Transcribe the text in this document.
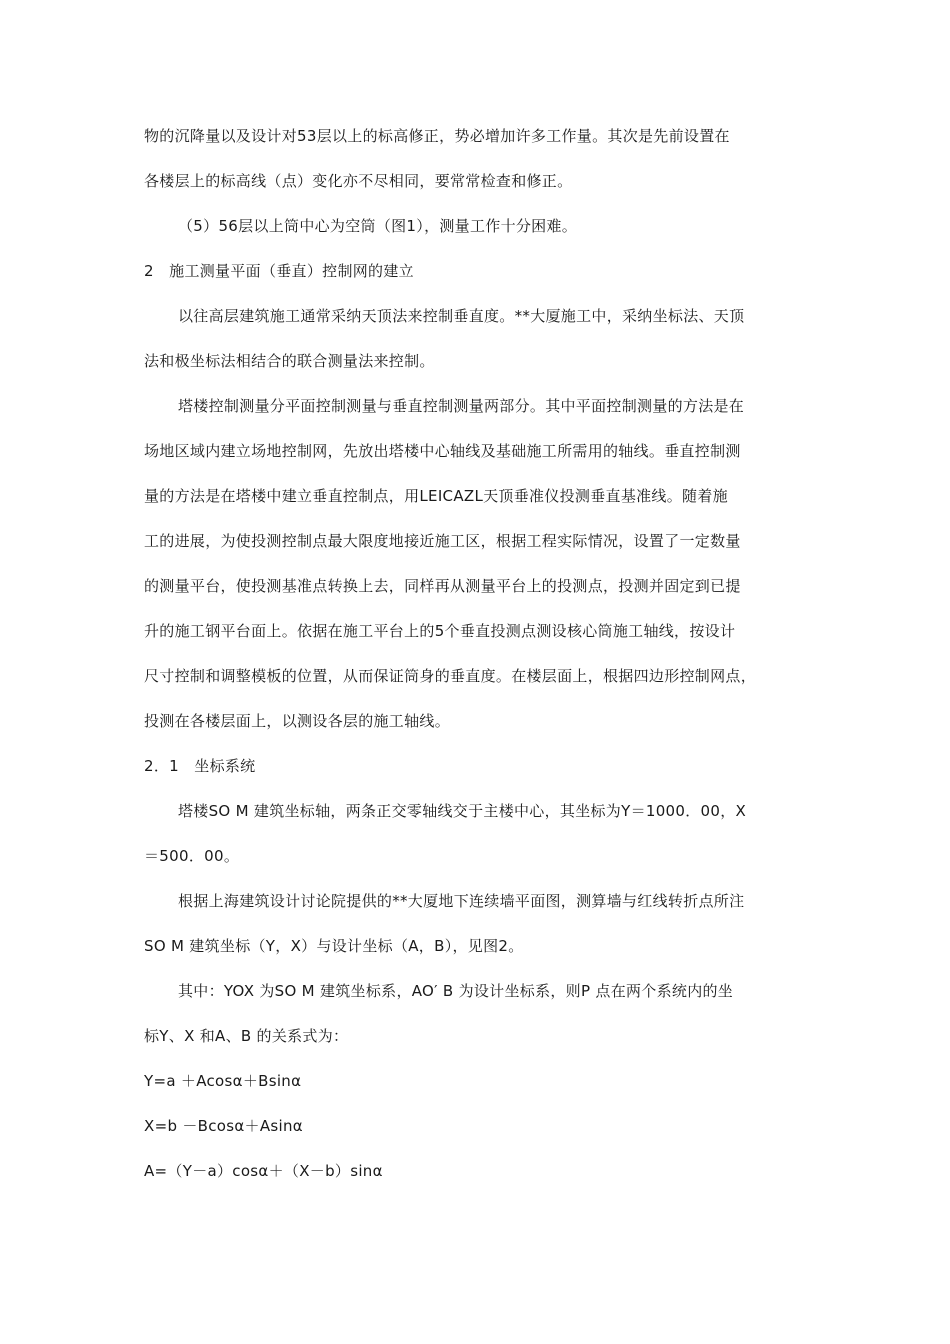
物的沉降量以及设计对53层以上的标高修正，势必增加许多工作量。其次是先前设置在
各楼层上的标高线（点）变化亦不尽相同，要常常检查和修正。
（5）56层以上筒中心为空筒（图1），测量工作十分困难。
2　施工测量平面（垂直）控制网的建立
以往高层建筑施工通常采纳天顶法来控制垂直度。**大厦施工中，采纳坐标法、天顶
法和极坐标法相结合的联合测量法来控制。
塔楼控制测量分平面控制测量与垂直控制测量两部分。其中平面控制测量的方法是在
场地区域内建立场地控制网，先放出塔楼中心轴线及基础施工所需用的轴线。垂直控制测
量的方法是在塔楼中建立垂直控制点，用LEICAZL天顶垂准仪投测垂直基准线。随着施
工的进展，为使投测控制点最大限度地接近施工区，根据工程实际情况，设置了一定数量
的测量平台，使投测基准点转换上去，同样再从测量平台上的投测点，投测并固定到已提
升的施工钢平台面上。依据在施工平台上的5个垂直投测点测设核心筒施工轴线，按设计
尺寸控制和调整模板的位置，从而保证筒身的垂直度。在楼层面上，根据四边形控制网点，
投测在各楼层面上，以测设各层的施工轴线。
2．1　坐标系统
塔楼SO M 建筑坐标轴，两条正交零轴线交于主楼中心，其坐标为Y＝1000．00，X
＝500．00。
根据上海建筑设计讨论院提供的**大厦地下连续墙平面图，测算墙与红线转折点所注
SO M 建筑坐标（Y，X）与设计坐标（A，B），见图2。
其中：YOX 为SO M 建筑坐标系，AO′ B 为设计坐标系，则P 点在两个系统内的坐
标Y、X 和A、B 的关系式为：
Y=a ＋Acosα＋Bsinα
X=b －Bcosα＋Asinα
A=（Y－a）cosα＋（X－b）sinα
